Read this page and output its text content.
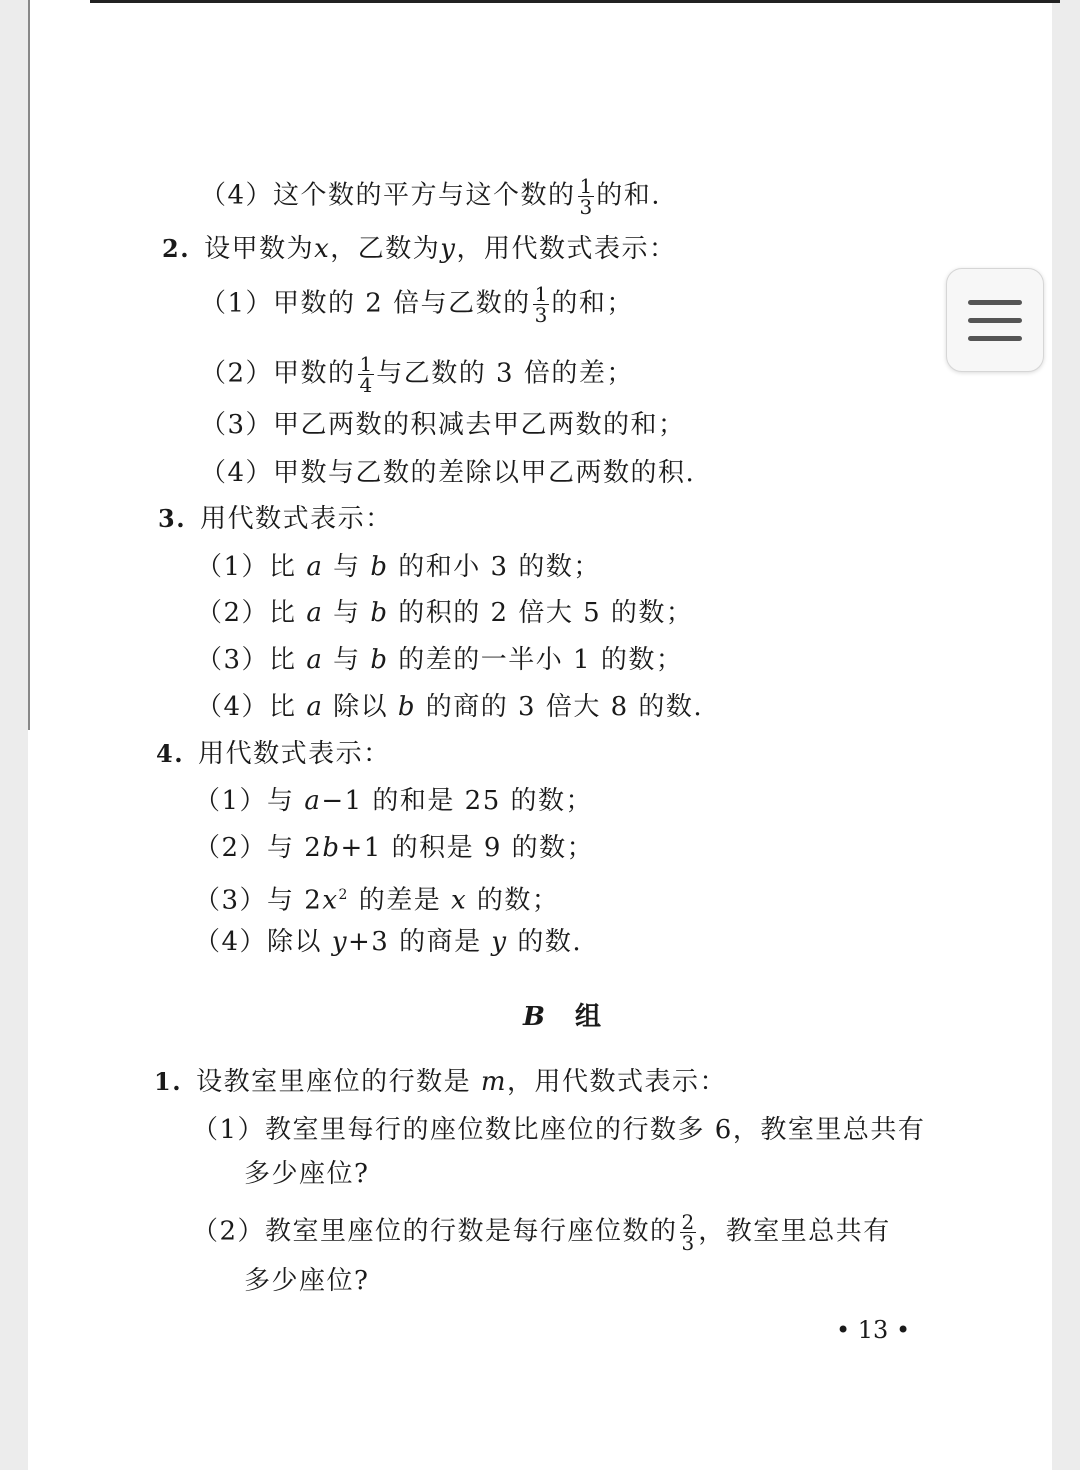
（4）这个数的平方与这个数的 $\frac{1}{3}$ 的和.
2. 设甲数为x，乙数为y，用代数式表示：
（1）甲数的 2 倍与乙数的 $\frac{1}{3}$ 的和；
（2）甲数的 $\frac{1}{4}$ 与乙数的 3 倍的差；
（3）甲乙两数的积减去甲乙两数的和；
（4）甲数与乙数的差除以甲乙两数的积.
3. 用代数式表示：
（1）比 a 与 b 的和小 3 的数；
（2）比 a 与 b 的积的 2 倍大 5 的数；
（3）比 a 与 b 的差的一半小 1 的数；
（4）比 a 除以 b 的商的 3 倍大 8 的数.
4. 用代数式表示：
（1）与 a−1 的和是 25 的数；
（2）与 2b+1 的积是 9 的数；
（3）与 $2x^2$ 的差是 x 的数；
（4）除以 y+3 的商是 y 的数.
B 组
1. 设教室里座位的行数是 m，用代数式表示：
（1）教室里每行的座位数比座位的行数多 6，教室里总共有
多少座位?
（2）教室里座位的行数是每行座位数的 $\frac{2}{3}$ ，教室里总共有
多少座位?
• 13 •
